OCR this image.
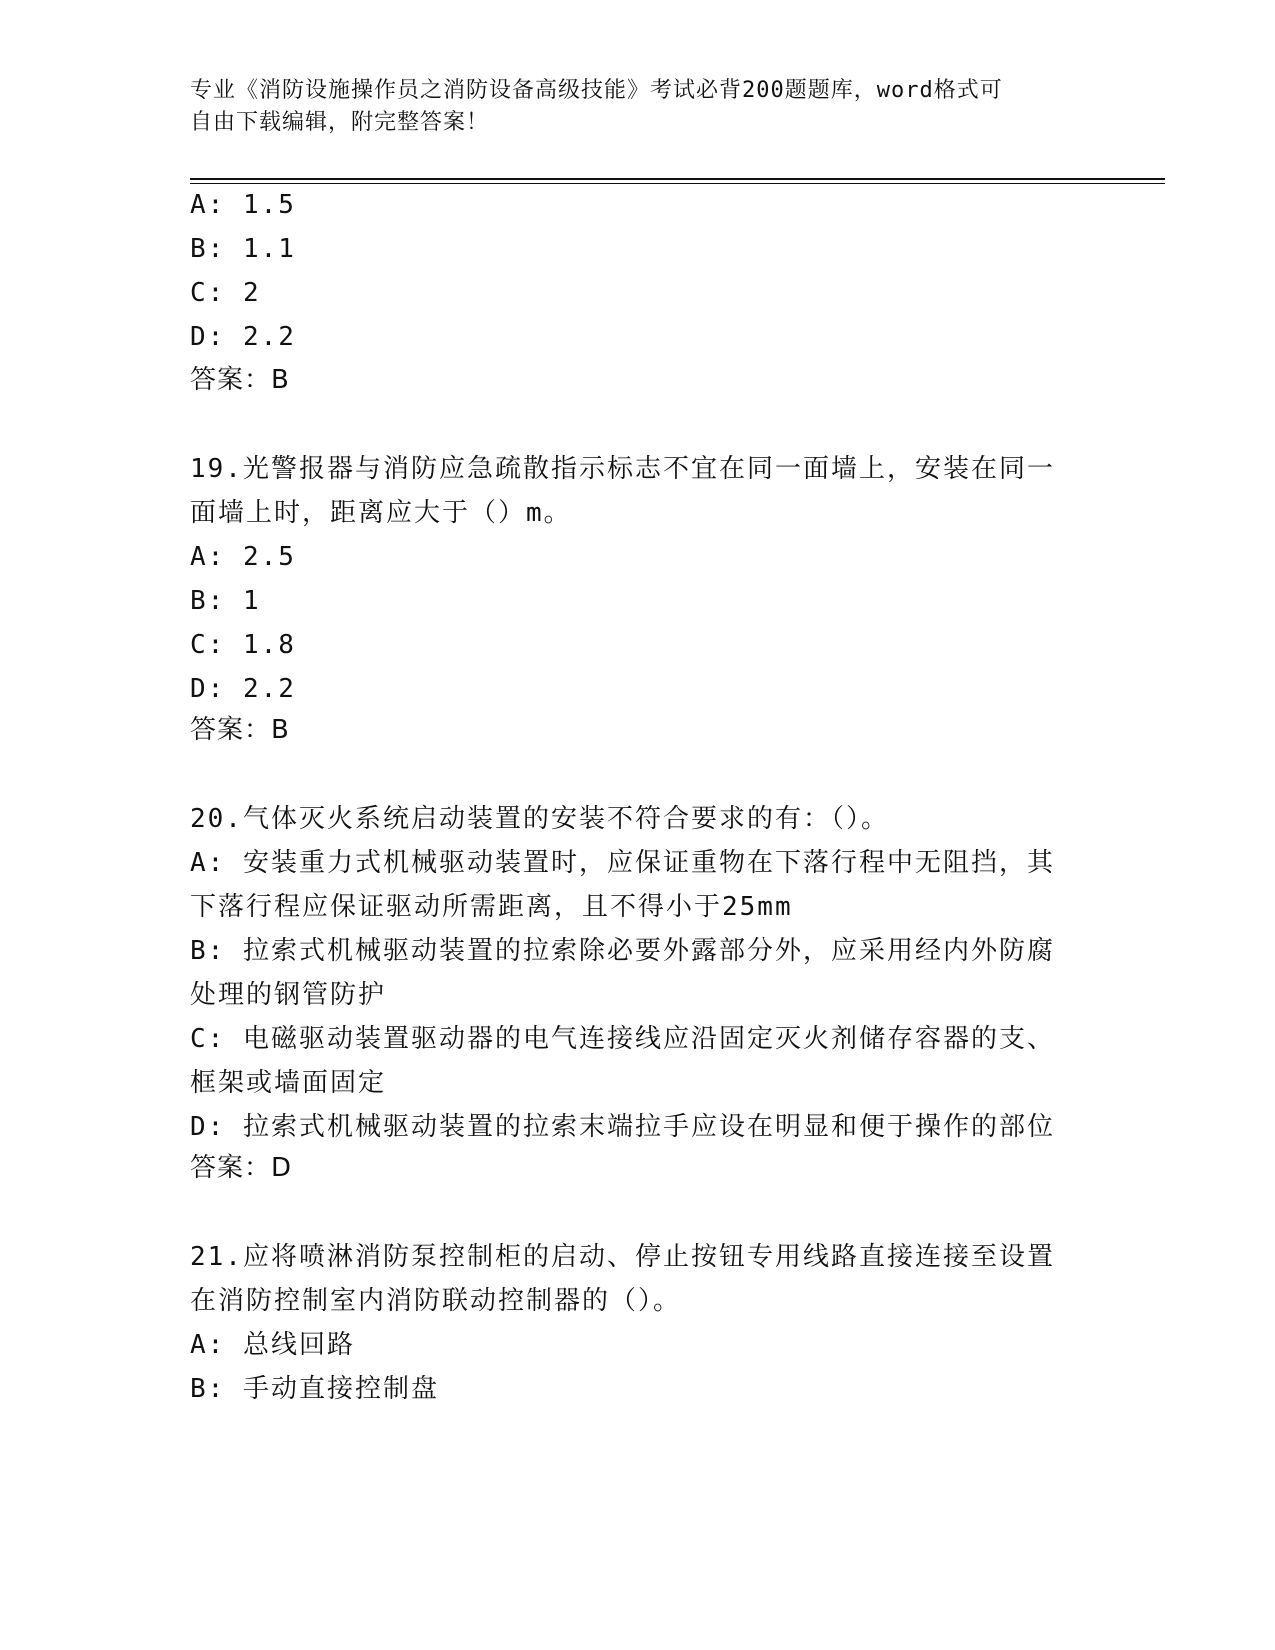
专业《消防设施操作员之消防设备高级技能》考试必背200题题库，word格式可
自由下载编辑，附完整答案！
A: 1.5
B: 1.1
C: 2
D: 2.2
答案：B
19.光警报器与消防应急疏散指示标志不宜在同一面墙上，安装在同一
面墙上时，距离应大于（）m。
A: 2.5
B: 1
C: 1.8
D: 2.2
答案：B
20.气体灭火系统启动装置的安装不符合要求的有：（）。
A: 安装重力式机械驱动装置时，应保证重物在下落行程中无阻挡，其
下落行程应保证驱动所需距离，且不得小于25mm
B: 拉索式机械驱动装置的拉索除必要外露部分外，应采用经内外防腐
处理的钢管防护
C: 电磁驱动装置驱动器的电气连接线应沿固定灭火剂储存容器的支、
框架或墙面固定
D: 拉索式机械驱动装置的拉索末端拉手应设在明显和便于操作的部位
答案：D
21.应将喷淋消防泵控制柜的启动、停止按钮专用线路直接连接至设置
在消防控制室内消防联动控制器的（）。
A: 总线回路
B: 手动直接控制盘
